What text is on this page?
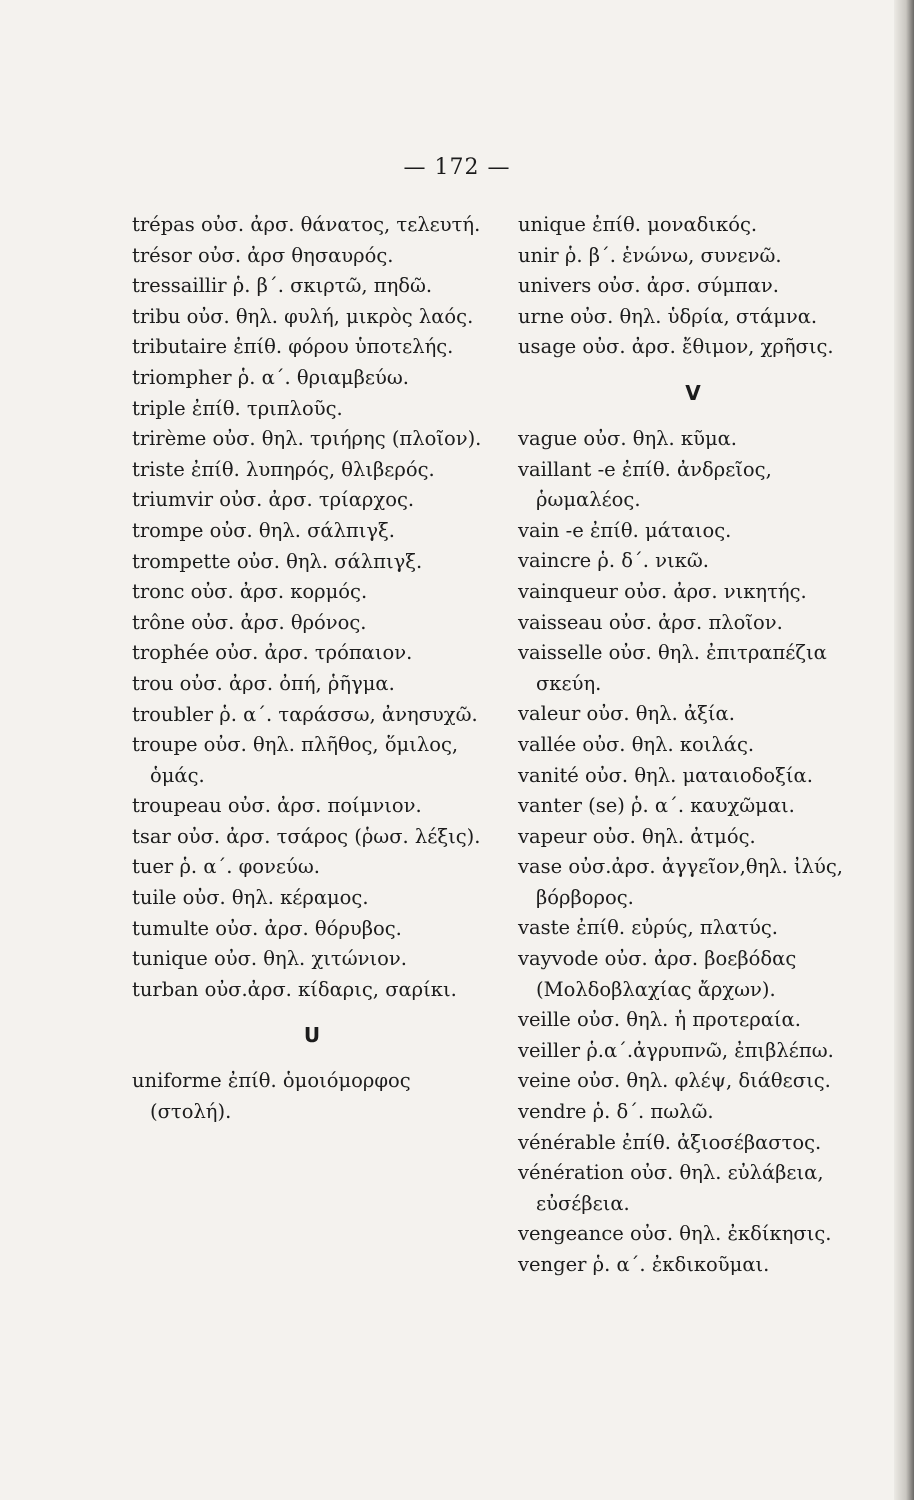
— 172 —
trépas οὐσ. ἀρσ. θάνατος, τελευτή.
trésor οὐσ. ἀρσ θησαυρός.
tressaillir ῥ. β΄. σκιρτῶ, πηδῶ.
tribu οὐσ. θηλ. φυλή, μικρὸς λαός.
tributaire ἐπίθ. φόρου ὑποτελής.
triompher ῥ. α΄. θριαμβεύω.
triple ἐπίθ. τριπλοῦς.
trirème οὐσ. θηλ. τριήρης (πλοῖον).
triste ἐπίθ. λυπηρός, θλιβερός.
triumvir οὐσ. ἀρσ. τρίαρχος.
trompe οὐσ. θηλ. σάλπιγξ.
trompette οὐσ. θηλ. σάλπιγξ.
tronc οὐσ. ἀρσ. κορμός.
trône οὐσ. ἀρσ. θρόνος.
trophée οὐσ. ἀρσ. τρόπαιον.
trou οὐσ. ἀρσ. ὀπή, ῥῆγμα.
troubler ῥ. α΄. ταράσσω, ἀνησυχῶ.
troupe οὐσ. θηλ. πλῆθος, ὅμιλος, ὁμάς.
troupeau οὐσ. ἀρσ. ποίμνιον.
tsar οὐσ. ἀρσ. τσάρος (ῥωσ. λέξις).
tuer ῥ. α΄. φονεύω.
tuile οὐσ. θηλ. κέραμος.
tumulte οὐσ. ἀρσ. θόρυβος.
tunique οὐσ. θηλ. χιτώνιον.
turban οὐσ.ἀρσ. κίδαρις, σαρίκι.
U
uniforme ἐπίθ. ὁμοιόμορφος (στολή).
unique ἐπίθ. μοναδικός.
unir ῥ. β΄. ἑνώνω, συνενῶ.
univers οὐσ. ἀρσ. σύμπαν.
urne οὐσ. θηλ. ὑδρία, στάμνα.
usage οὐσ. ἀρσ. ἔθιμον, χρῆσις.
V
vague οὐσ. θηλ. κῦμα.
vaillant -e ἐπίθ. ἀνδρεῖος, ῥωμαλέος.
vain -e ἐπίθ. μάταιος.
vaincre ῥ. δ΄. νικῶ.
vainqueur οὐσ. ἀρσ. νικητής.
vaisseau οὐσ. ἀρσ. πλοῖον.
vaisselle οὐσ. θηλ. ἐπιτραπέζια σκεύη.
valeur οὐσ. θηλ. ἀξία.
vallée οὐσ. θηλ. κοιλάς.
vanité οὐσ. θηλ. ματαιοδοξία.
vanter (se) ῥ. α΄. καυχῶμαι.
vapeur οὐσ. θηλ. ἀτμός.
vase οὐσ.ἀρσ. ἀγγεῖον,θηλ. ἰλύς, βόρβορος.
vaste ἐπίθ. εὐρύς, πλατύς.
vayvode οὐσ. ἀρσ. βοεβόδας (Μολδοβλαχίας ἄρχων).
veille οὐσ. θηλ. ἡ προτεραία.
veiller ῥ.α΄.ἀγρυπνῶ, ἐπιβλέπω.
veine οὐσ. θηλ. φλέψ, διάθεσις.
vendre ῥ. δ΄. πωλῶ.
vénérable ἐπίθ. ἀξιοσέβαστος.
vénération οὐσ. θηλ. εὐλάβεια, εὐσέβεια.
vengeance οὐσ. θηλ. ἐκδίκησις.
venger ῥ. α΄. ἐκδικοῦμαι.
